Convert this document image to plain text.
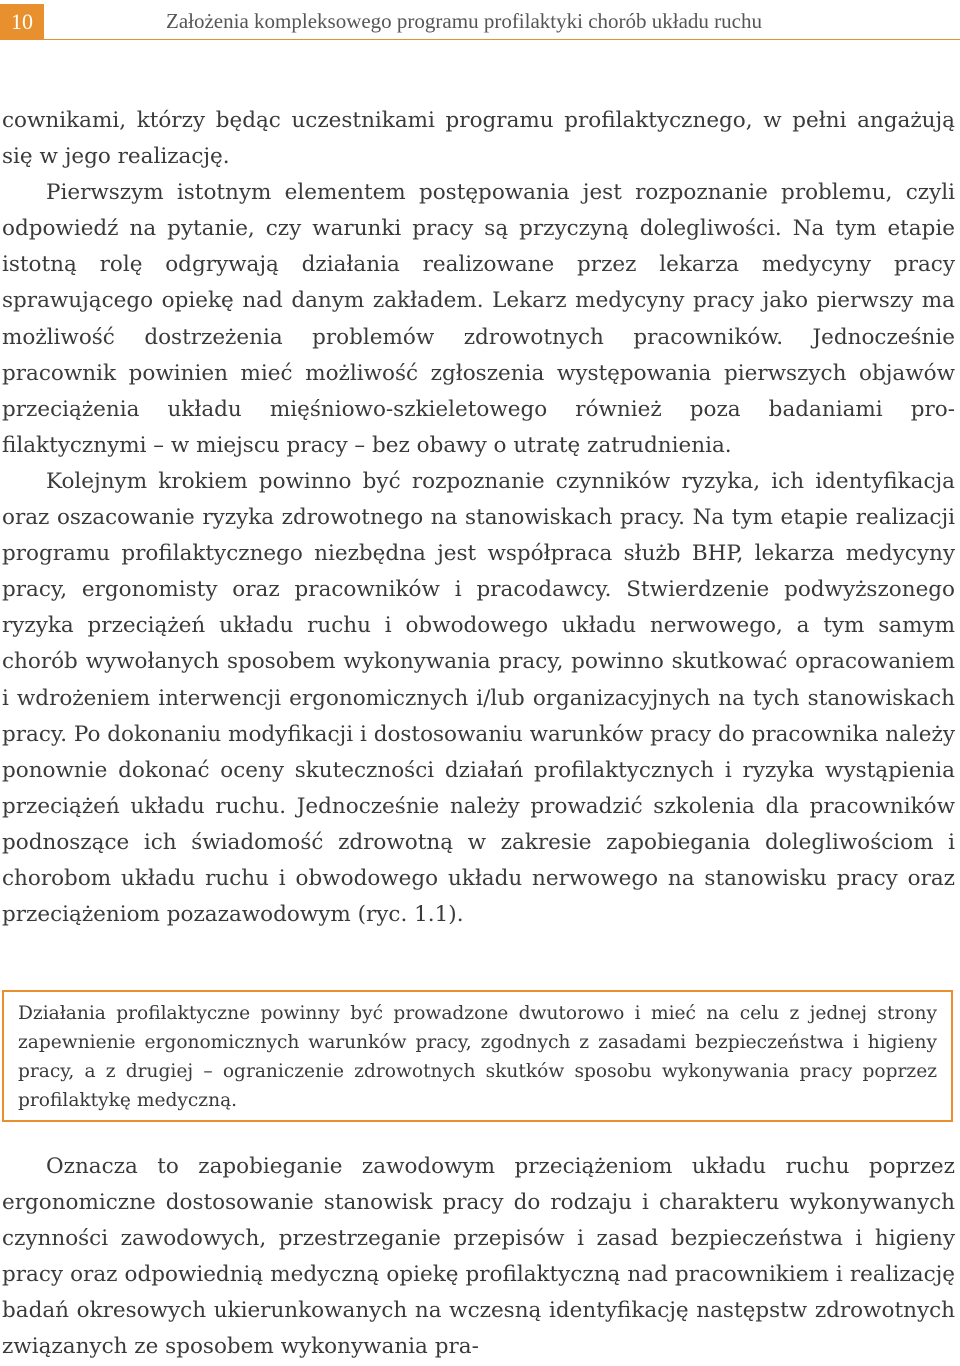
10	Założenia kompleksowego programu profilaktyki chorób układu ruchu

cownikami, którzy będąc uczestnikami programu profilaktycznego, w pełni angażują się w jego realizację.

Pierwszym istotnym elementem postępowania jest rozpoznanie problemu, czyli odpowiedź na pytanie, czy warunki pracy są przyczyną dolegliwości. Na tym etapie istotną rolę odgrywają działania realizowane przez lekarza medycyny pracy sprawującego opiekę nad danym zakładem. Lekarz medycyny pracy jako pierwszy ma możliwość dostrzeżenia problemów zdrowotnych pracowników. Jednocześnie pracownik powinien mieć możliwość zgłoszenia występowania pierwszych objawów przeciążenia układu mięśniowo-szkieletowego również poza badaniami profilaktycznymi – w miejscu pracy – bez obawy o utratę zatrudnienia.

Kolejnym krokiem powinno być rozpoznanie czynników ryzyka, ich identyfikacja oraz oszacowanie ryzyka zdrowotnego na stanowiskach pracy. Na tym etapie realizacji programu profilaktycznego niezbędna jest współpraca służb BHP, lekarza medycyny pracy, ergonomisty oraz pracowników i pracodawcy. Stwierdzenie podwyższonego ryzyka przeciążeń układu ruchu i obwodowego układu nerwowego, a tym samym chorób wywołanych sposobem wykonywania pracy, powinno skutkować opracowaniem i wdrożeniem interwencji ergonomicznych i/lub organizacyjnych na tych stanowiskach pracy. Po dokonaniu modyfikacji i dostosowaniu warunków pracy do pracownika należy ponownie dokonać oceny skuteczności działań profilaktycznych i ryzyka wystąpienia przeciążeń układu ruchu. Jednocześnie należy prowadzić szkolenia dla pracowników podnoszące ich świadomość zdrowotną w zakresie zapobiegania dolegliwościom i chorobom układu ruchu i obwodowego układu nerwowego na stanowisku pracy oraz przeciążeniom pozazawodowym (ryc. 1.1).

Działania profilaktyczne powinny być prowadzone dwutorowo i mieć na celu z jednej strony zapewnienie ergonomicznych warunków pracy, zgodnych z zasadami bezpieczeństwa i higieny pracy, a z drugiej – ograniczenie zdrowotnych skutków sposobu wykonywania pracy poprzez profilaktykę medyczną.

Oznacza to zapobieganie zawodowym przeciążeniom układu ruchu poprzez ergonomiczne dostosowanie stanowisk pracy do rodzaju i charakteru wykonywanych czynności zawodowych, przestrzeganie przepisów i zasad bezpieczeństwa i higieny pracy oraz odpowiednią medyczną opiekę profilaktyczną nad pracownikiem i realizację badań okresowych ukierunkowanych na wczesną identyfikację następstw zdrowotnych związanych ze sposobem wykonywania pra-
